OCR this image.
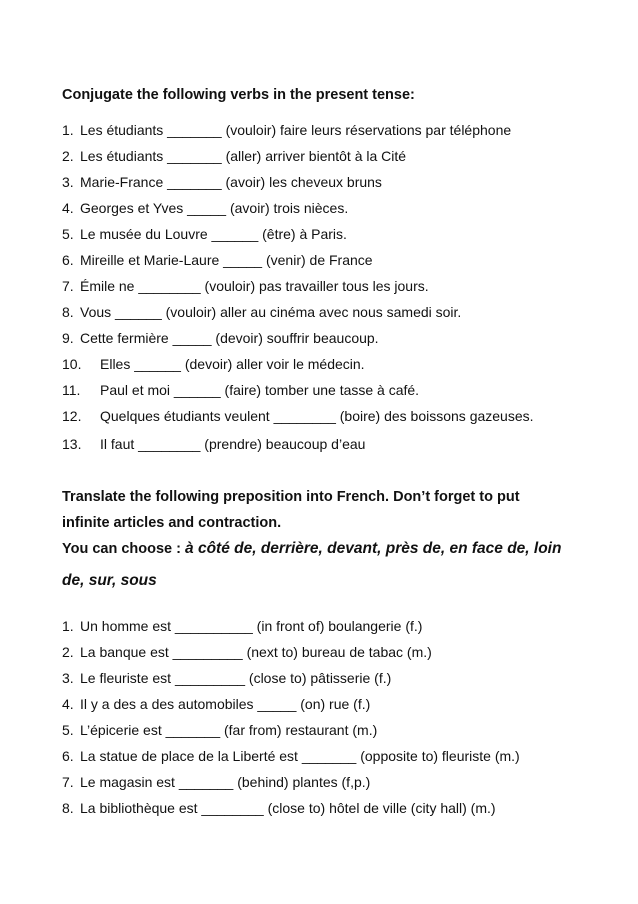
Conjugate the following verbs in the present tense:
1. Les étudiants _______ (vouloir) faire leurs réservations par téléphone
2. Les étudiants _______ (aller) arriver bientôt à la Cité
3. Marie-France _______ (avoir) les cheveux bruns
4. Georges et Yves _____ (avoir) trois nièces.
5. Le musée du Louvre ______ (être) à Paris.
6. Mireille et Marie-Laure _____ (venir) de France
7. Émile ne ________ (vouloir) pas travailler tous les jours.
8. Vous ______ (vouloir) aller au cinéma avec nous samedi soir.
9. Cette fermière _____ (devoir) souffrir beaucoup.
10. Elles ______ (devoir) aller voir le médecin.
11. Paul et moi ______ (faire) tomber une tasse à café.
12. Quelques étudiants veulent ________ (boire) des boissons gazeuses.
13. Il faut ________ (prendre) beaucoup d’eau
Translate the following preposition into French. Don’t forget to put
infinite articles and contraction.
You can choose : à côté de, derrière, devant, près de, en face de, loin
de, sur, sous
1. Un homme est __________ (in front of) boulangerie (f.)
2. La banque est _________ (next to) bureau de tabac (m.)
3. Le fleuriste est _________ (close to) pâtisserie (f.)
4. Il y a des a des automobiles _____ (on) rue (f.)
5. L’épicerie est _______ (far from) restaurant (m.)
6. La statue de place de la Liberté est _______ (opposite to) fleuriste (m.)
7. Le magasin est _______ (behind) plantes (f,p.)
8. La bibliothèque est ________ (close to) hôtel de ville (city hall) (m.)
